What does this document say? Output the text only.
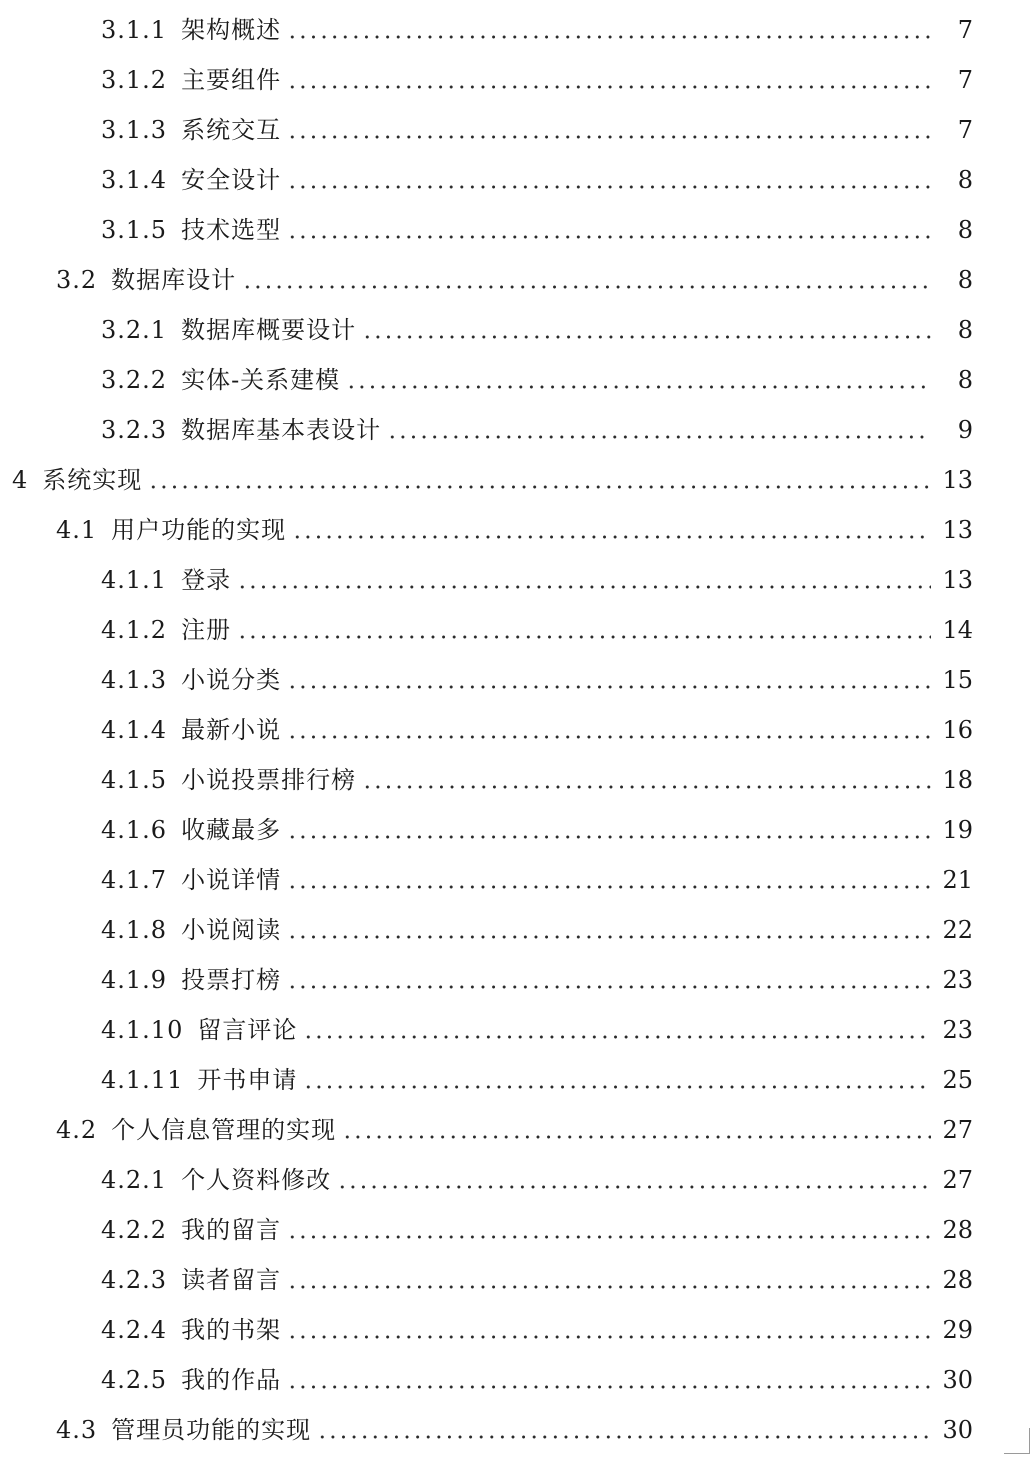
3.1.1 架构概述	7
3.1.2 主要组件	7
3.1.3 系统交互	7
3.1.4 安全设计	8
3.1.5 技术选型	8
3.2 数据库设计	8
3.2.1 数据库概要设计	8
3.2.2 实体-关系建模	8
3.2.3 数据库基本表设计	9
4 系统实现	13
4.1 用户功能的实现	13
4.1.1 登录	13
4.1.2 注册	14
4.1.3 小说分类	15
4.1.4 最新小说	16
4.1.5 小说投票排行榜	18
4.1.6 收藏最多	19
4.1.7 小说详情	21
4.1.8 小说阅读	22
4.1.9 投票打榜	23
4.1.10 留言评论	23
4.1.11 开书申请	25
4.2 个人信息管理的实现	27
4.2.1 个人资料修改	27
4.2.2 我的留言	28
4.2.3 读者留言	28
4.2.4 我的书架	29
4.2.5 我的作品	30
4.3 管理员功能的实现	30
